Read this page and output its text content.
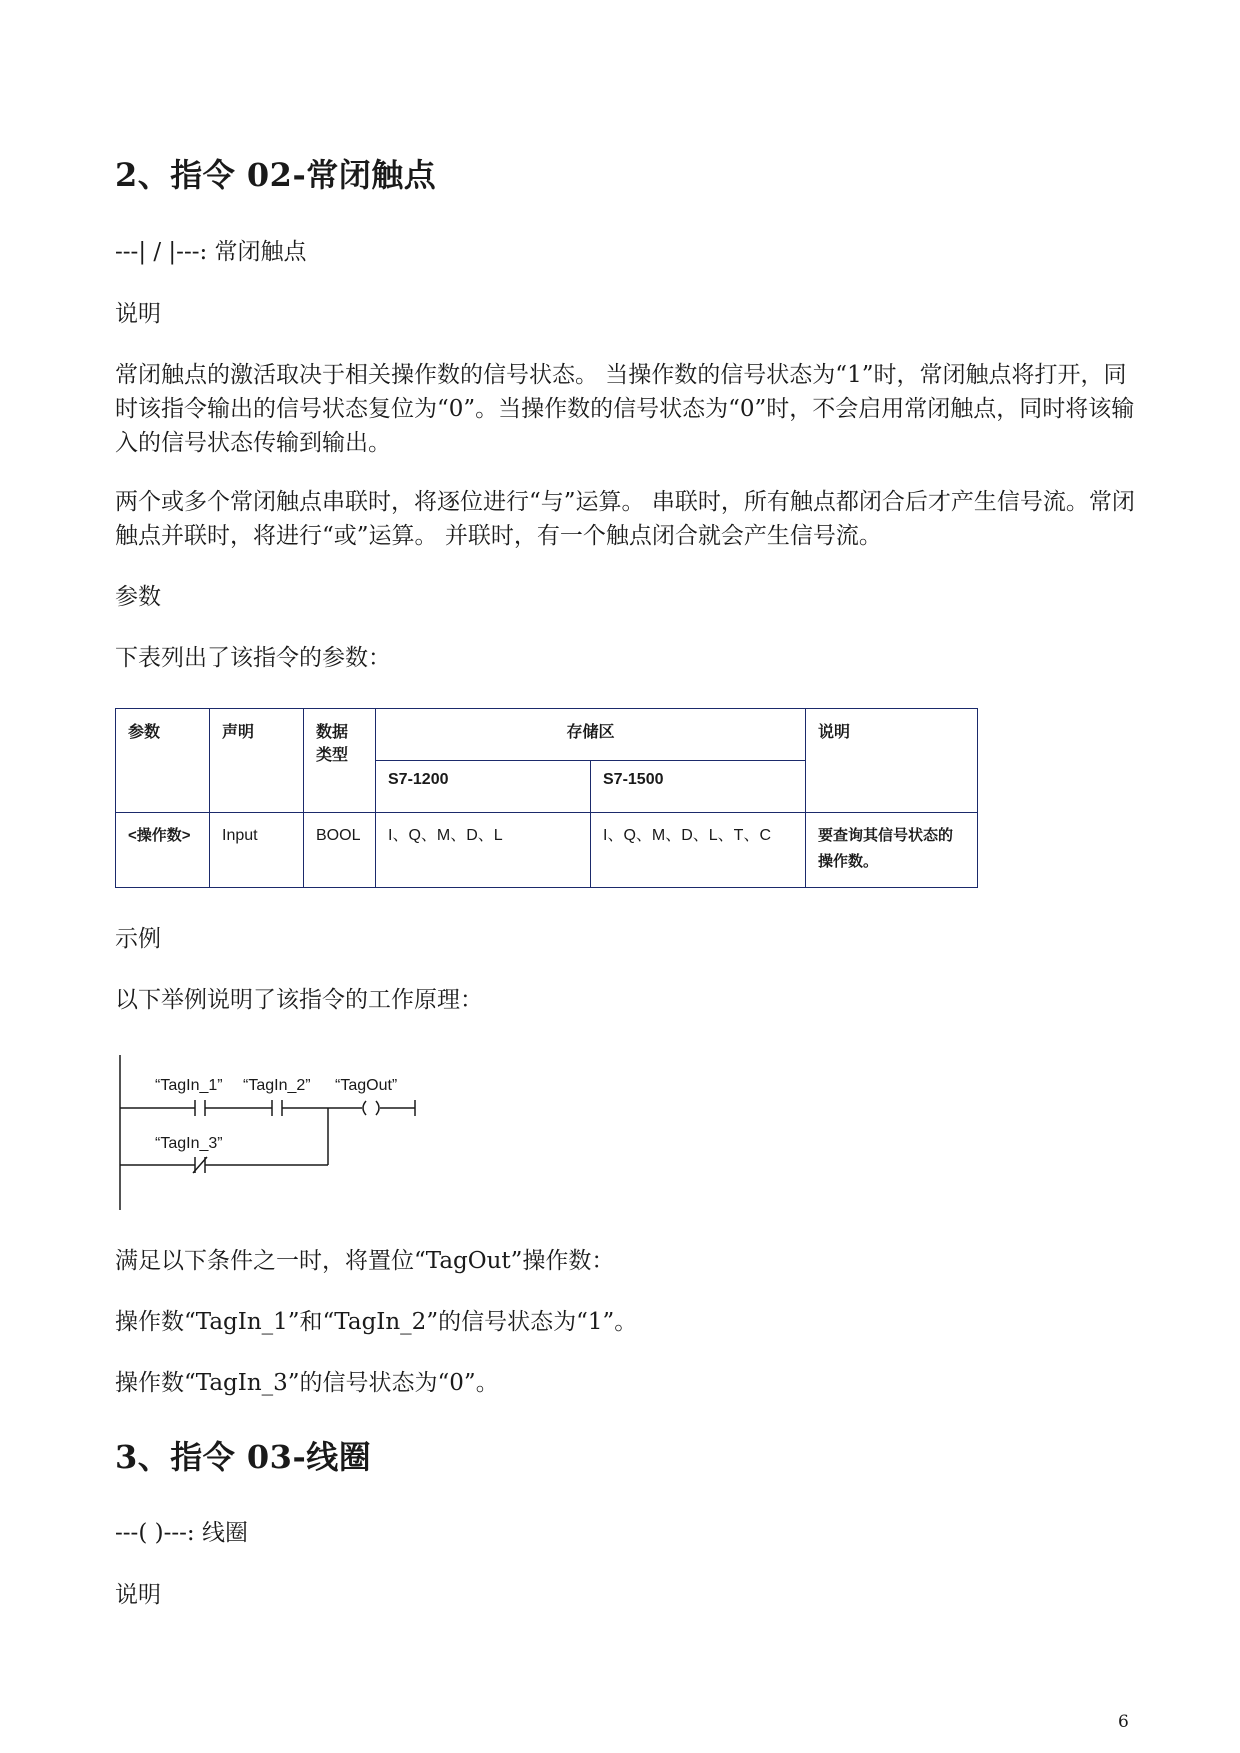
2、指令 02-常闭触点
---| / |---: 常闭触点
说明
常闭触点的激活取决于相关操作数的信号状态。 当操作数的信号状态为“1”时，常闭触点将打开，同时该指令输出的信号状态复位为“0”。当操作数的信号状态为“0”时，不会启用常闭触点，同时将该输入的信号状态传输到输出。
两个或多个常闭触点串联时，将逐位进行“与”运算。 串联时，所有触点都闭合后才产生信号流。常闭触点并联时，将进行“或”运算。 并联时，有一个触点闭合就会产生信号流。
参数
下表列出了该指令的参数：
参数	声明	数据类型	存储区		说明
			S7-1200	S7-1500	
<操作数>	Input	BOOL	I、Q、M、D、L	I、Q、M、D、L、T、C	要查询其信号状态的操作数。
示例
以下举例说明了该指令的工作原理：
“TagIn_1” “TagIn_2” “TagOut”
“TagIn_3”
满足以下条件之一时，将置位“TagOut”操作数：
操作数“TagIn_1”和“TagIn_2”的信号状态为“1”。
操作数“TagIn_3”的信号状态为“0”。
3、指令 03-线圈
---( )---: 线圈
说明
6
